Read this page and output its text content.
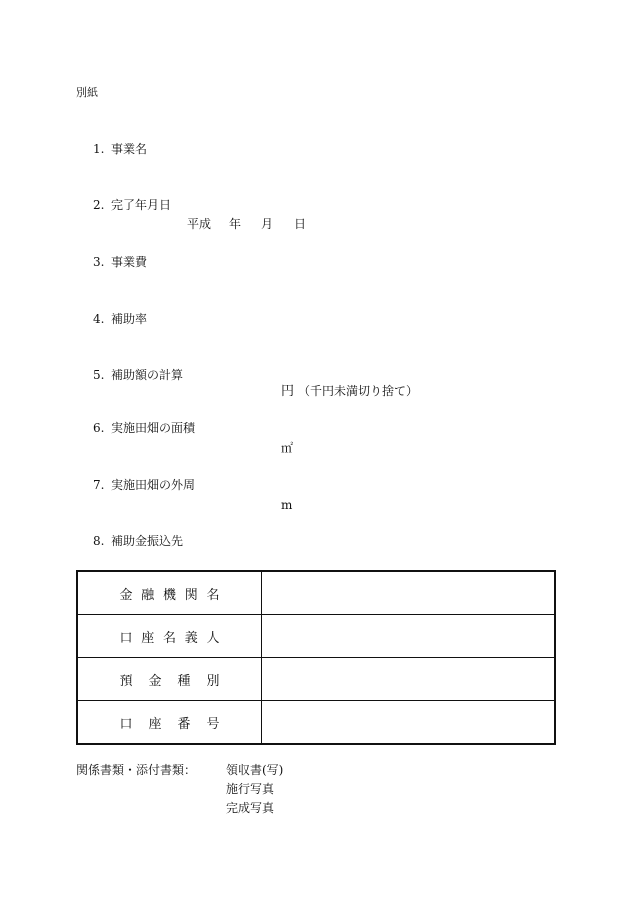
別紙
1. 事業名
2. 完了年月日
平成 年 月 日
3. 事業費
4. 補助率
5. 補助額の計算
円 （千円未満切り捨て）
6. 実施田畑の面積
㎡
7. 実施田畑の外周
m
8. 補助金振込先
金融機関名	
口座名義人	
預金種別	
口座番号	
関係書類・添付書類： 領収書(写)
施行写真
完成写真
